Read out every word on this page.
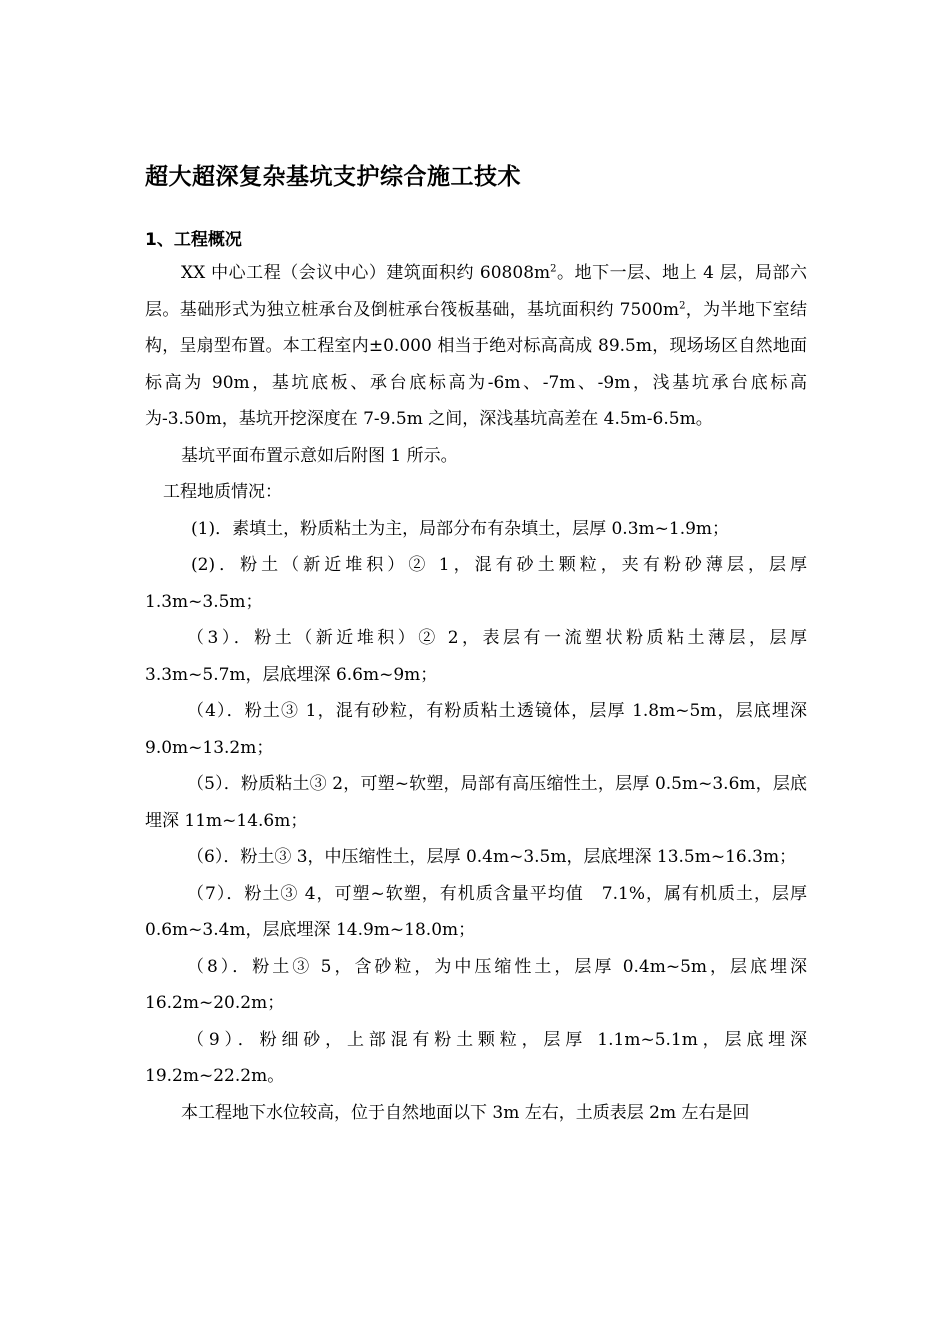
超大超深复杂基坑支护综合施工技术
1、工程概况

XX 中心工程（会议中心）建筑面积约 $60808m^2$。地下一层、地上 4 层，局部六层。基础形式为独立桩承台及倒桩承台筏板基础，基坑面积约 $7500m^2$，为半地下室结构，呈扇型布置。本工程室内±0.000 相当于绝对标高高成 89.5m，现场场区自然地面标高为 90m，基坑底板、承台底标高为-6m、-7m、-9m，浅基坑承台底标高为-3.50m，基坑开挖深度在 7-9.5m 之间，深浅基坑高差在 4.5m-6.5m。

基坑平面布置示意如后附图 1 所示。

工程地质情况：

(1)．素填土，粉质粘土为主，局部分布有杂填土，层厚 0.3m~1.9m；

(2)．粉土（新近堆积）② 1，混有砂土颗粒，夹有粉砂薄层，层厚 1.3m~3.5m；

（3）．粉土（新近堆积）② 2，表层有一流塑状粉质粘土薄层，层厚 3.3m~5.7m，层底埋深 6.6m~9m；

（4）．粉土③ 1，混有砂粒，有粉质粘土透镜体，层厚 1.8m~5m，层底埋深 9.0m~13.2m；

（5）．粉质粘土③ 2，可塑~软塑，局部有高压缩性土，层厚 0.5m~3.6m，层底埋深 11m~14.6m；

（6）．粉土③ 3，中压缩性土，层厚 0.4m~3.5m，层底埋深 13.5m~16.3m；

（7）．粉土③ 4，可塑~软塑，有机质含量平均值　7.1%，属有机质土，层厚 0.6m~3.4m，层底埋深 14.9m~18.0m；

（8）．粉土③ 5，含砂粒，为中压缩性土，层厚 0.4m~5m，层底埋深 16.2m~20.2m；

（9）．粉细砂，上部混有粉土颗粒，层厚 1.1m~5.1m，层底埋深 19.2m~22.2m。

本工程地下水位较高，位于自然地面以下 3m 左右，土质表层 2m 左右是回
